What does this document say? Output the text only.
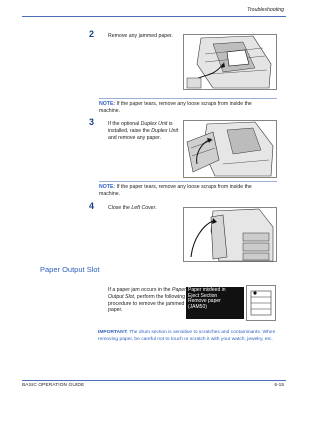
Troubleshooting
2	Remove any jammed paper.
NOTE: If the paper tears, remove any loose scraps from inside the
machine.
3	If the optional Duplex Unit is
installed, raise the Duplex Unit
and remove any paper.
NOTE: If the paper tears, remove any loose scraps from inside the
machine.
4	Close the Left Cover.
Paper Output Slot
If a paper jam occurs in the Paper
Output Slot, perform the following
procedure to remove the jammed
paper.
Paper misfeed in
Eject Section
Remove paper
(JAM50)
IMPORTANT: The drum section is sensitive to scratches and contaminants. When removing paper, be careful not to touch or scratch it with your watch, jewelry, etc.
BASIC OPERATION GUIDE	6-15
